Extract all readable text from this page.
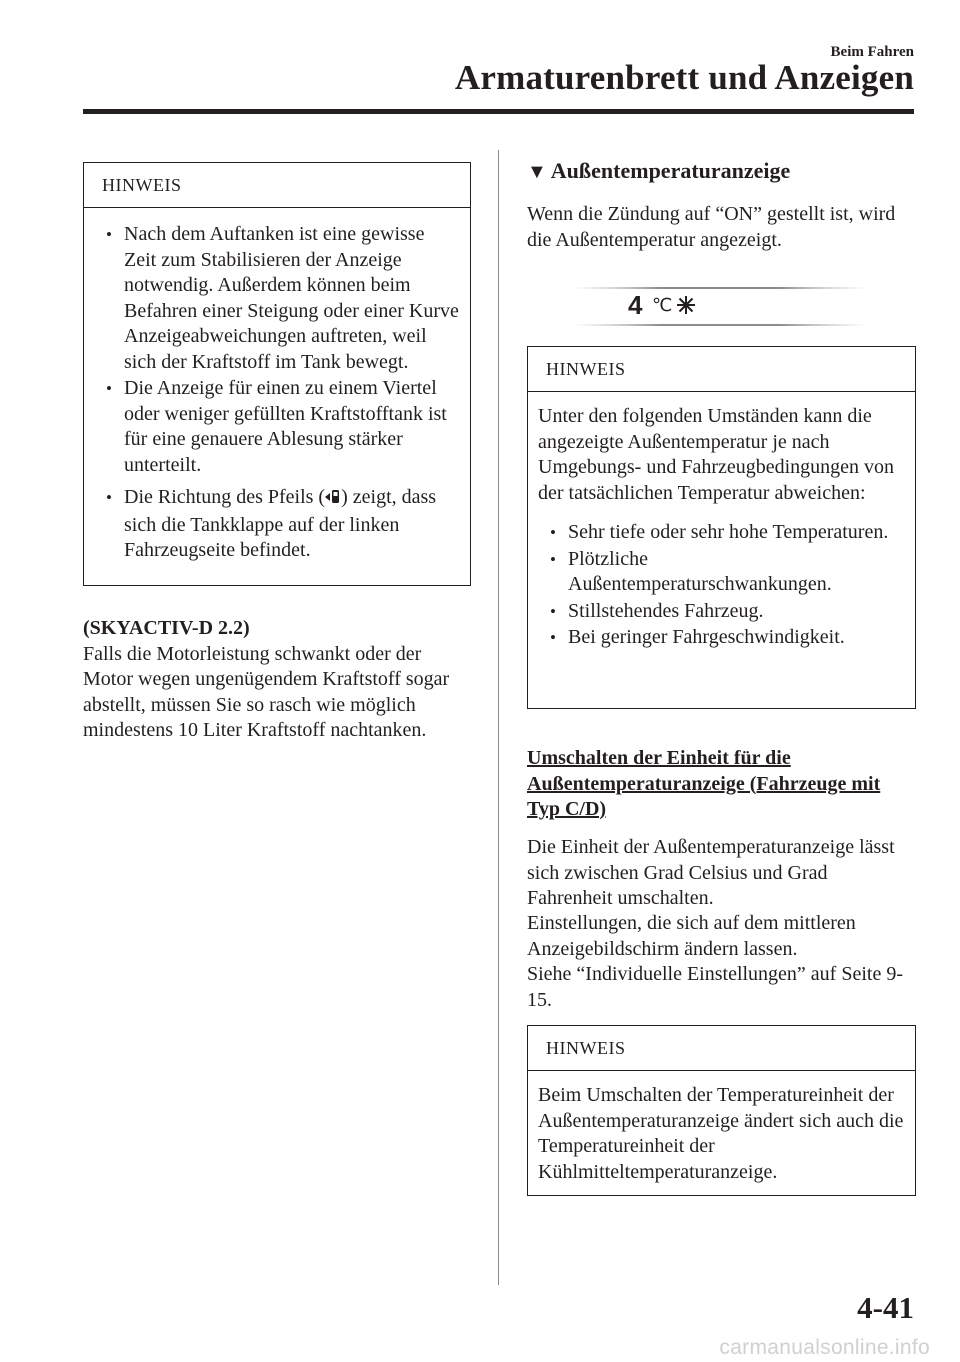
Beim Fahren
Armaturenbrett und Anzeigen
HINWEIS
• Nach dem Auftanken ist eine gewisse Zeit zum Stabilisieren der Anzeige notwendig. Außerdem können beim Befahren einer Steigung oder einer Kurve Anzeigeabweichungen auftreten, weil sich der Kraftstoff im Tank bewegt.
• Die Anzeige für einen zu einem Viertel oder weniger gefüllten Kraftstofftank ist für eine genauere Ablesung stärker unterteilt.
• Die Richtung des Pfeils ( ) zeigt, dass sich die Tankklappe auf der linken Fahrzeugseite befindet.
(SKYACTIV-D 2.2)
Falls die Motorleistung schwankt oder der Motor wegen ungenügendem Kraftstoff sogar abstellt, müssen Sie so rasch wie möglich mindestens 10 Liter Kraftstoff nachtanken.
▼ Außentemperaturanzeige

Wenn die Zündung auf “ON” gestellt ist, wird die Außentemperatur angezeigt.

4 ℃
HINWEIS

Unter den folgenden Umständen kann die angezeigte Außentemperatur je nach Umgebungs- und Fahrzeugbedingungen von der tatsächlichen Temperatur abweichen:

• Sehr tiefe oder sehr hohe Temperaturen.
• Plötzliche Außentemperaturschwankungen.
• Stillstehendes Fahrzeug.
• Bei geringer Fahrgeschwindigkeit.
Umschalten der Einheit für die Außentemperaturanzeige (Fahrzeuge mit Typ C/D)

Die Einheit der Außentemperaturanzeige lässt sich zwischen Grad Celsius und Grad Fahrenheit umschalten.

Einstellungen, die sich auf dem mittleren Anzeigebildschirm ändern lassen.

Siehe “Individuelle Einstellungen” auf Seite 9-15.

HINWEIS

Beim Umschalten der Temperatureinheit der Außentemperaturanzeige ändert sich auch die Temperatureinheit der Kühlmitteltemperaturanzeige.

4-41
carmanualsonline.info
